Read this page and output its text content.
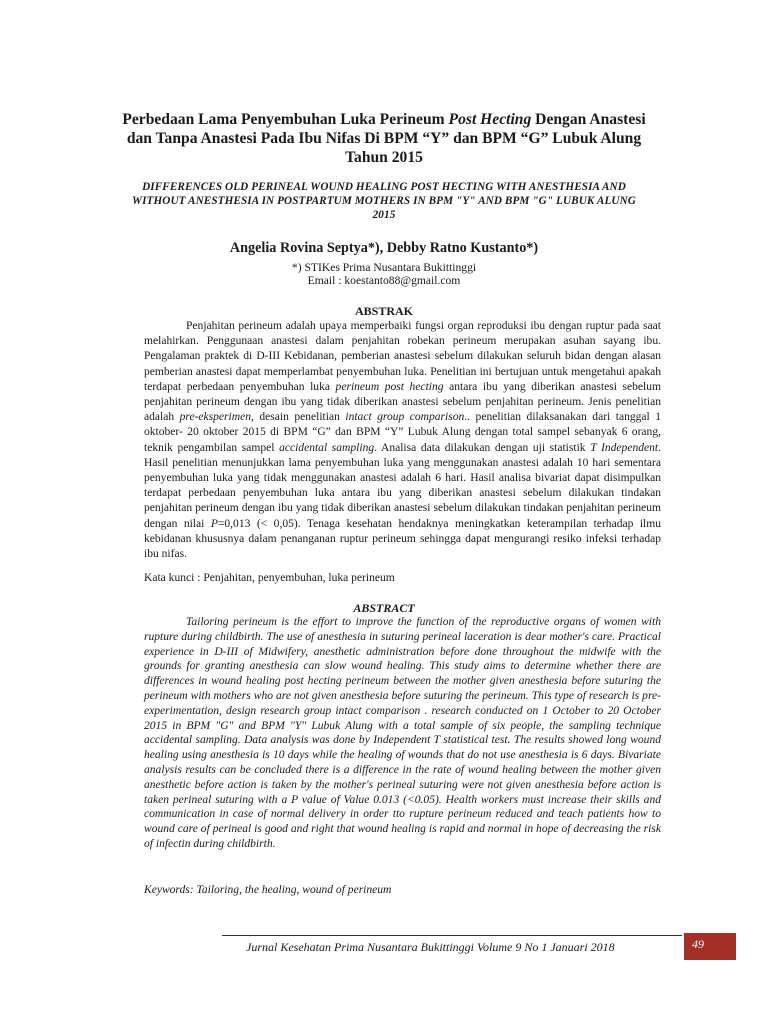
Perbedaan Lama Penyembuhan Luka Perineum Post Hecting Dengan Anastesi dan Tanpa Anastesi Pada Ibu Nifas Di BPM “Y” dan BPM “G” Lubuk Alung Tahun 2015
DIFFERENCES OLD PERINEAL WOUND HEALING POST HECTING WITH ANESTHESIA AND WITHOUT ANESTHESIA IN POSTPARTUM MOTHERS IN BPM "Y" AND BPM "G" LUBUK ALUNG 2015
Angelia Rovina Septya*), Debby Ratno Kustanto*)
*) STIKes Prima Nusantara Bukittinggi
Email : koestanto88@gmail.com
ABSTRAK

Penjahitan perineum adalah upaya memperbaiki fungsi organ reproduksi ibu dengan ruptur pada saat melahirkan. Penggunaan anastesi dalam penjahitan robekan perineum merupakan asuhan sayang ibu. Pengalaman praktek di D-III Kebidanan, pemberian anastesi sebelum dilakukan seluruh bidan dengan alasan pemberian anastesi dapat memperlambat penyembuhan luka. Penelitian ini bertujuan untuk mengetahui apakah terdapat perbedaan penyembuhan luka perineum post hecting antara ibu yang diberikan anastesi sebelum penjahitan perineum dengan ibu yang tidak diberikan anastesi sebelum penjahitan perineum. Jenis penelitian adalah pre-eksperimen, desain penelitian intact group comparison.. penelitian dilaksanakan dari tanggal 1 oktober- 20 oktober 2015 di BPM “G” dan BPM “Y” Lubuk Alung dengan total sampel sebanyak 6 orang, teknik pengambilan sampel accidental sampling. Analisa data dilakukan dengan uji statistik T Independent. Hasil penelitian menunjukkan lama penyembuhan luka yang menggunakan anastesi adalah 10 hari sementara penyembuhan luka yang tidak menggunakan anastesi adalah 6 hari. Hasil analisa bivariat dapat disimpulkan terdapat perbedaan penyembuhan luka antara ibu yang diberikan anastesi sebelum dilakukan tindakan penjahitan perineum dengan ibu yang tidak diberikan anastesi sebelum dilakukan tindakan penjahitan perineum dengan nilai P=0,013 (< 0,05). Tenaga kesehatan hendaknya meningkatkan keterampilan terhadap ilmu kebidanan khususnya dalam penanganan ruptur perineum sehingga dapat mengurangi resiko infeksi terhadap ibu nifas.

Kata kunci : Penjahitan, penyembuhan, luka perineum
ABSTRACT

Tailoring perineum is the effort to improve the function of the reproductive organs of women with rupture during childbirth. The use of anesthesia in suturing perineal laceration is dear mother's care. Practical experience in D-III of Midwifery, anesthetic administration before done throughout the midwife with the grounds for granting anesthesia can slow wound healing. This study aims to determine whether there are differences in wound healing post hecting perineum between the mother given anesthesia before suturing the perineum with mothers who are not given anesthesia before suturing the perineum. This type of research is pre-experimentation, design research group intact comparison . research conducted on 1 October to 20 October 2015 in BPM "G" and BPM "Y" Lubuk Alung with a total sample of six people, the sampling technique accidental sampling. Data analysis was done by Independent T statistical test. The results showed long wound healing using anesthesia is 10 days while the healing of wounds that do not use anesthesia is 6 days. Bivariate analysis results can be concluded there is a difference in the rate of wound healing between the mother given anesthetic before action is taken by the mother's perineal suturing were not given anesthesia before action is taken perineal suturing with a P value of Value 0.013 (<0.05). Health workers must increase their skills and communication in case of normal delivery in order tto rupture perineum reduced and teach patients how to wound care of perineal is good and right that wound healing is rapid and normal in hope of decreasing the risk of infectin during childbirth.

Keywords: Tailoring, the healing, wound of perineum
Jurnal Kesehatan Prima Nusantara Bukittinggi Volume 9 No 1 Januari 2018	49
